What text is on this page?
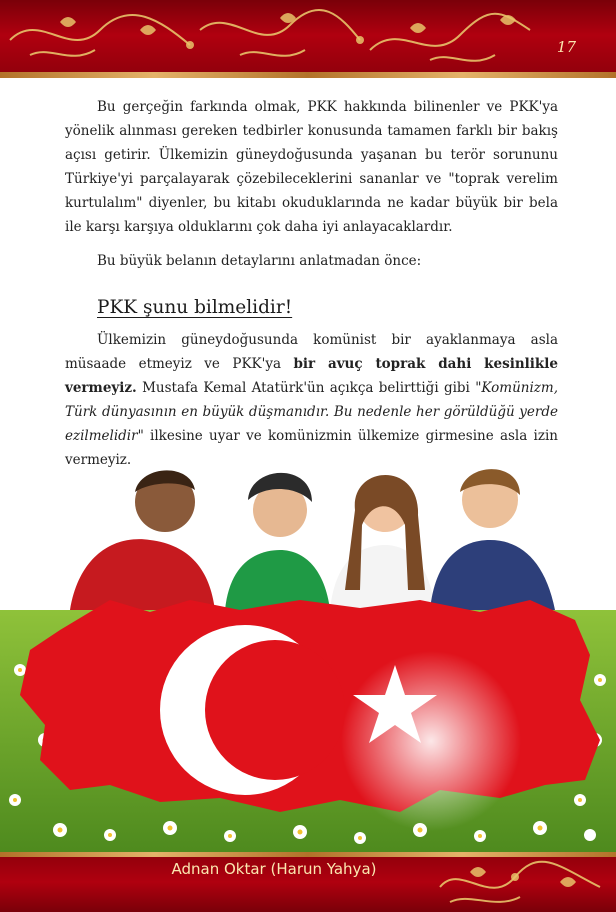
17

Bu gerçeğin farkında olmak, PKK hakkında bilinenler ve PKK'ya yönelik alınması gereken tedbirler konusunda tamamen farklı bir bakış açısı getirir. Ülkemizin güneydoğusunda yaşanan bu terör sorununu Türkiye'yi parçalayarak çözebileceklerini sananlar ve "toprak verelim kurtulalım" diyenler, bu kitabı okuduklarında ne kadar büyük bir bela ile karşı karşıya olduklarını çok daha iyi anlayacaklardır.

Bu büyük belanın detaylarını anlatmadan önce:

PKK şunu bilmelidir!

Ülkemizin güneydoğusunda komünist bir ayaklanmaya asla müsaade etmeyiz ve PKK'ya bir avuç toprak dahi kesinlikle vermeyiz. Mustafa Kemal Atatürk'ün açıkça belirttiği gibi "Komünizm, Türk dünyasının en büyük düşmanıdır. Bu nedenle her görüldüğü yerde ezilmelidir" ilkesine uyar ve komünizmin ülkemize girmesine asla izin vermeyiz.

Adnan Oktar (Harun Yahya)
